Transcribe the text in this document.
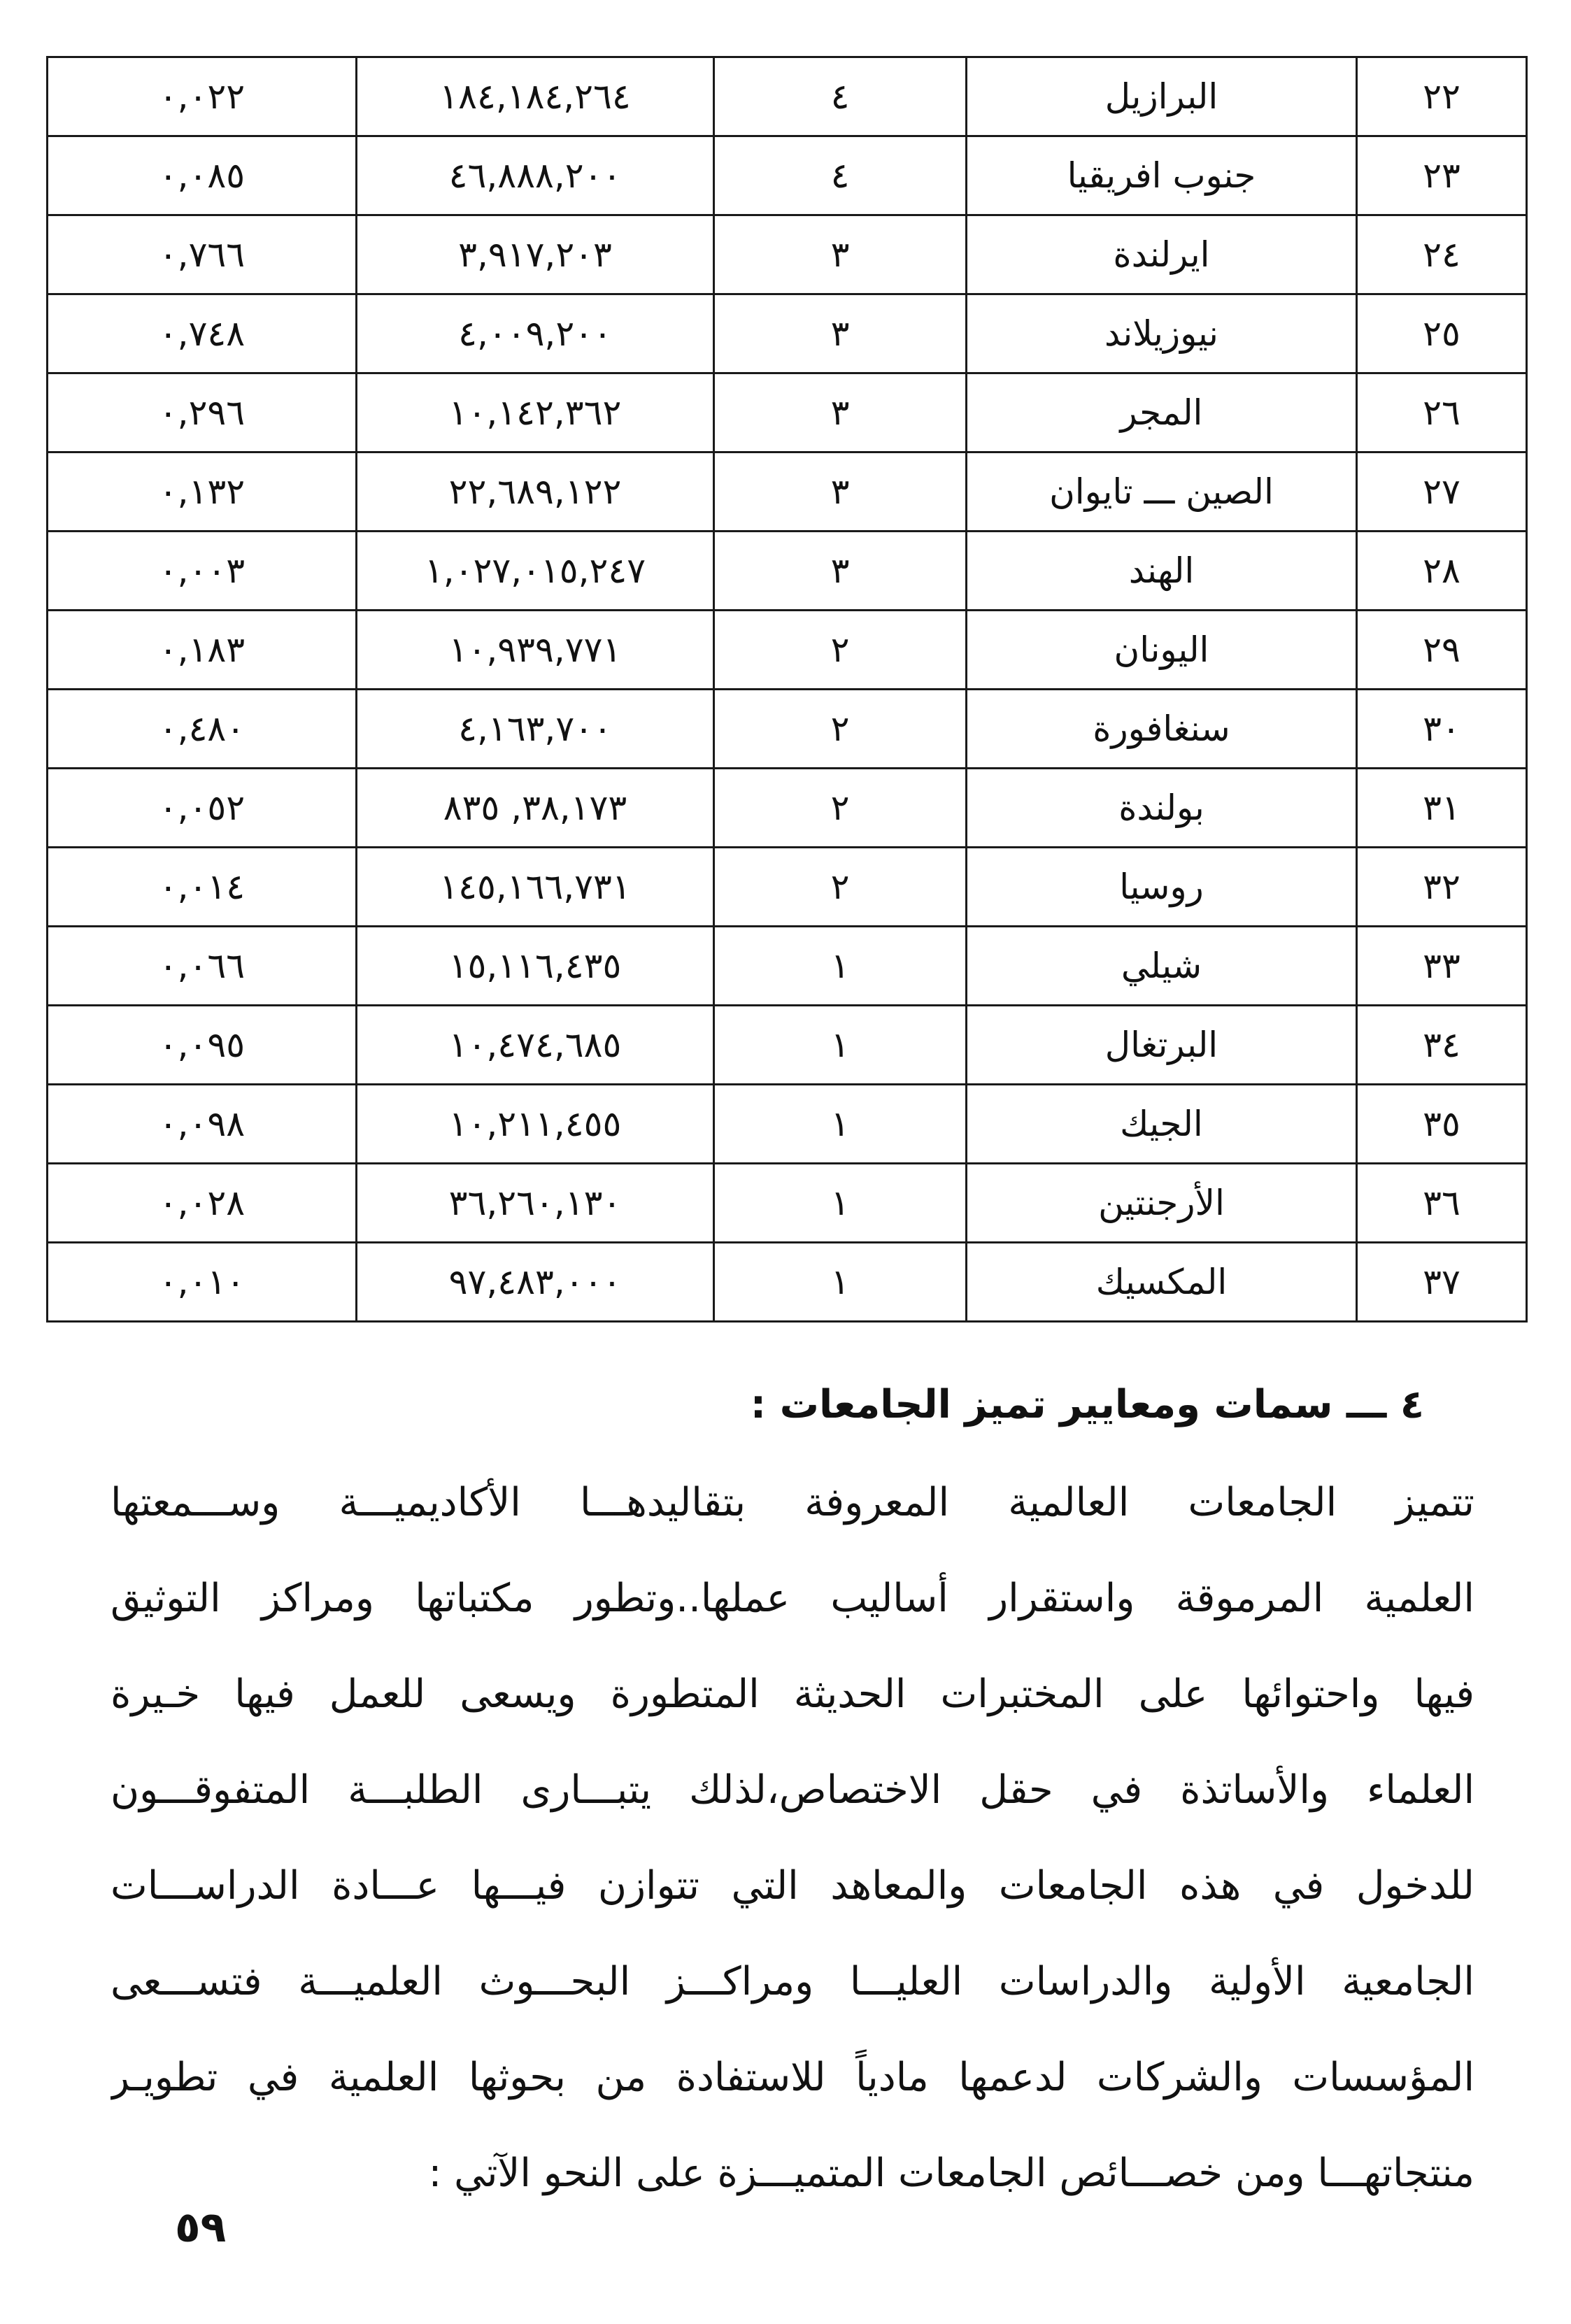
٢٢	البرازيل	٤	١٨٤,١٨٤,٢٦٤	٠,٠٢٢
٢٣	جنوب افريقيا	٤	٤٦,٨٨٨,٢٠٠	٠,٠٨٥
٢٤	ايرلندة	٣	٣,٩١٧,٢٠٣	٠,٧٦٦
٢٥	نيوزيلاند	٣	٤,٠٠٩,٢٠٠	٠,٧٤٨
٢٦	المجر	٣	١٠,١٤٢,٣٦٢	٠,٢٩٦
٢٧	الصين ـــ تايوان	٣	٢٢,٦٨٩,١٢٢	٠,١٣٢
٢٨	الهند	٣	١,٠٢٧,٠١٥,٢٤٧	٠,٠٠٣
٢٩	اليونان	٢	١٠,٩٣٩,٧٧١	٠,١٨٣
٣٠	سنغافورة	٢	٤,١٦٣,٧٠٠	٠,٤٨٠
٣١	بولندة	٢	٣٨,١٧٣, ٨٣٥	٠,٠٥٢
٣٢	روسيا	٢	١٤٥,١٦٦,٧٣١	٠,٠١٤
٣٣	شيلي	١	١٥,١١٦,٤٣٥	٠,٠٦٦
٣٤	البرتغال	١	١٠,٤٧٤,٦٨٥	٠,٠٩٥
٣٥	الجيك	١	١٠,٢١١,٤٥٥	٠,٠٩٨
٣٦	الأرجنتين	١	٣٦,٢٦٠,١٣٠	٠,٠٢٨
٣٧	المكسيك	١	٩٧,٤٨٣,٠٠٠	٠,٠١٠
٤ ـــ سمات ومعايير تميز الجامعات :
تتميز الجامعات العالمية المعروفة بتقاليدهـــا الأكاديميـــة وســـمعتها
العلمية المرموقة واستقرار أساليب عملها..وتطور مكتباتها ومراكز التوثيق
فيها واحتوائها على المختبرات الحديثة المتطورة ويسعى للعمل فيها خـيرة
العلماء والأساتذة في حقل الاختصاص،لذلك يتبـــارى الطلبـــة المتفوقـــون
للدخول في هذه الجامعات والمعاهد التي تتوازن فيـــها عـــادة الدراســـات
الجامعية الأولية والدراسات العليـــا ومراكـــز البحـــوث العلميـــة فتســـعى
المؤسسات والشركات لدعمها مادياً للاستفادة من بحوثها العلمية في تطويـر
منتجاتهـــا ومن خصـــائص الجامعات المتميـــزة على النحو الآتي :
٥٩
